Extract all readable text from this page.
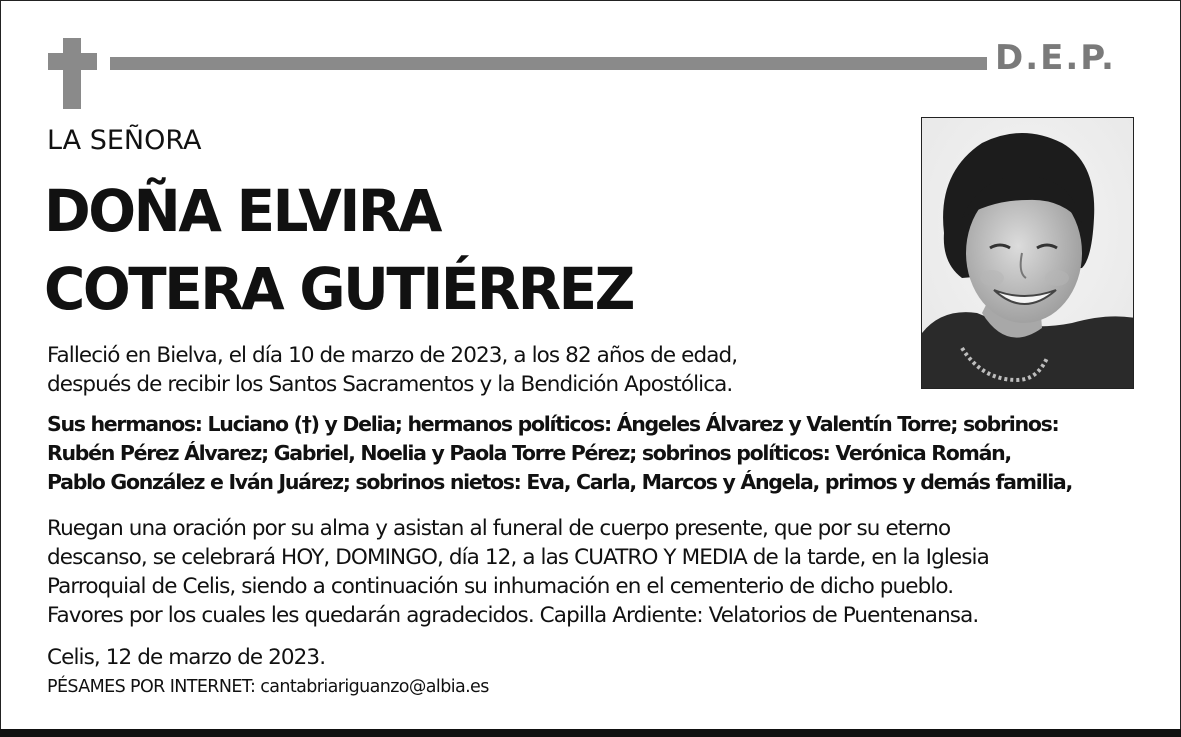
D.E.P.
LA SEÑORA
DOÑA ELVIRA
COTERA GUTIÉRREZ
Falleció en Bielva, el día 10 de marzo de 2023, a los 82 años de edad,
después de recibir los Santos Sacramentos y la Bendición Apostólica.
Sus hermanos: Luciano (†) y Delia; hermanos políticos: Ángeles Álvarez y Valentín Torre; sobrinos:
Rubén Pérez Álvarez; Gabriel, Noelia y Paola Torre Pérez; sobrinos políticos: Verónica Román,
Pablo González e Iván Juárez; sobrinos nietos: Eva, Carla, Marcos y Ángela, primos y demás familia,
Ruegan una oración por su alma y asistan al funeral de cuerpo presente, que por su eterno
descanso, se celebrará HOY, DOMINGO, día 12, a las CUATRO Y MEDIA de la tarde, en la Iglesia
Parroquial de Celis, siendo a continuación su inhumación en el cementerio de dicho pueblo.
Favores por los cuales les quedarán agradecidos. Capilla Ardiente: Velatorios de Puentenansa.
Celis, 12 de marzo de 2023.
PÉSAMES POR INTERNET: cantabriariguanzo@albia.es
